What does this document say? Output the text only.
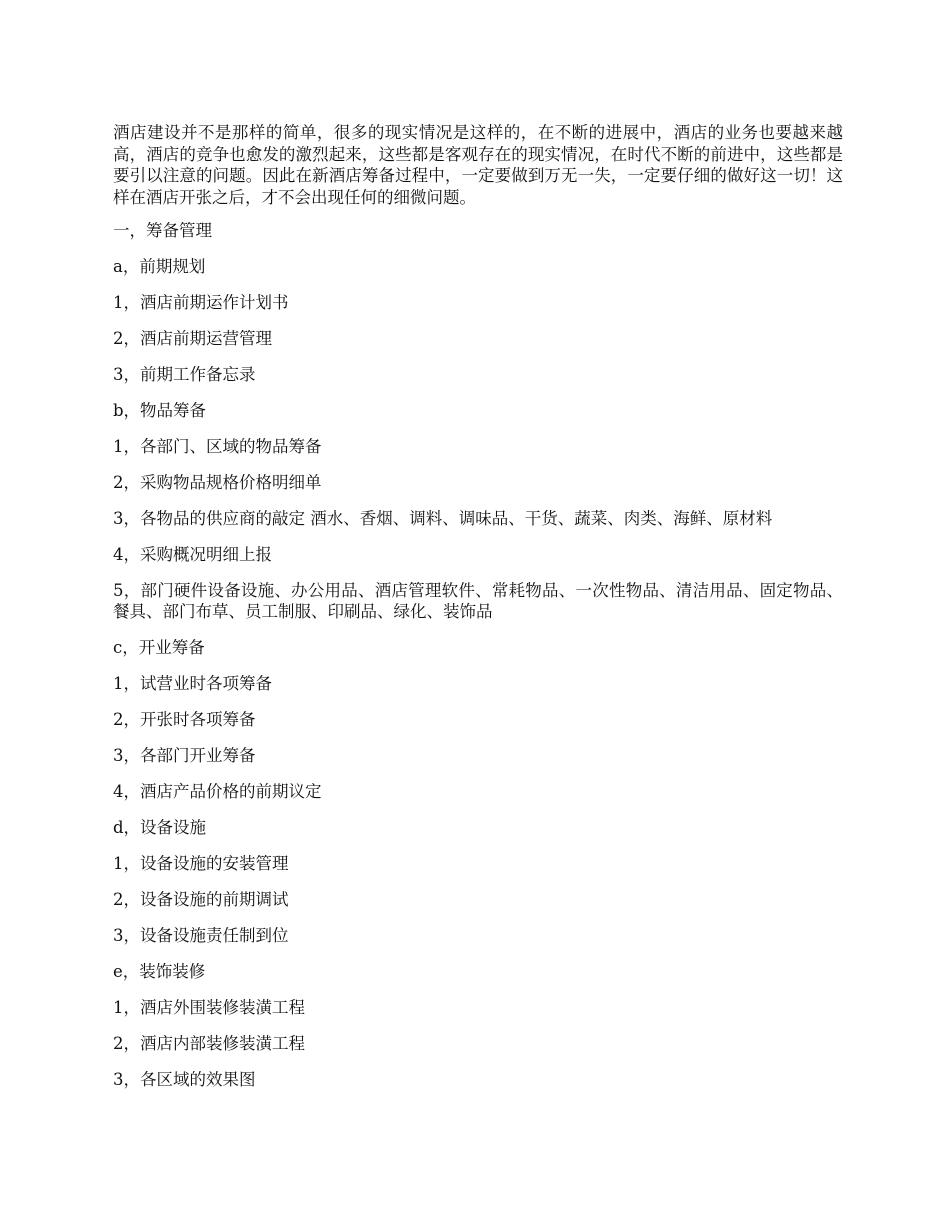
酒店建设并不是那样的简单，很多的现实情况是这样的，在不断的进展中，酒店的业务也要越来越高，酒店的竞争也愈发的激烈起来，这些都是客观存在的现实情况，在时代不断的前进中，这些都是要引以注意的问题。因此在新酒店筹备过程中，一定要做到万无一失，一定要仔细的做好这一切！这样在酒店开张之后，才不会出现任何的细微问题。

一，筹备管理

a，前期规划

1，酒店前期运作计划书

2，酒店前期运营管理

3，前期工作备忘录

b，物品筹备

1，各部门、区域的物品筹备

2，采购物品规格价格明细单

3，各物品的供应商的敲定 酒水、香烟、调料、调味品、干货、蔬菜、肉类、海鲜、原材料

4，采购概况明细上报

5，部门硬件设备设施、办公用品、酒店管理软件、常耗物品、一次性物品、清洁用品、固定物品、餐具、部门布草、员工制服、印刷品、绿化、装饰品

c，开业筹备

1，试营业时各项筹备

2，开张时各项筹备

3，各部门开业筹备

4，酒店产品价格的前期议定

d，设备设施

1，设备设施的安装管理

2，设备设施的前期调试

3，设备设施责任制到位

e，装饰装修

1，酒店外围装修装潢工程

2，酒店内部装修装潢工程

3，各区域的效果图
